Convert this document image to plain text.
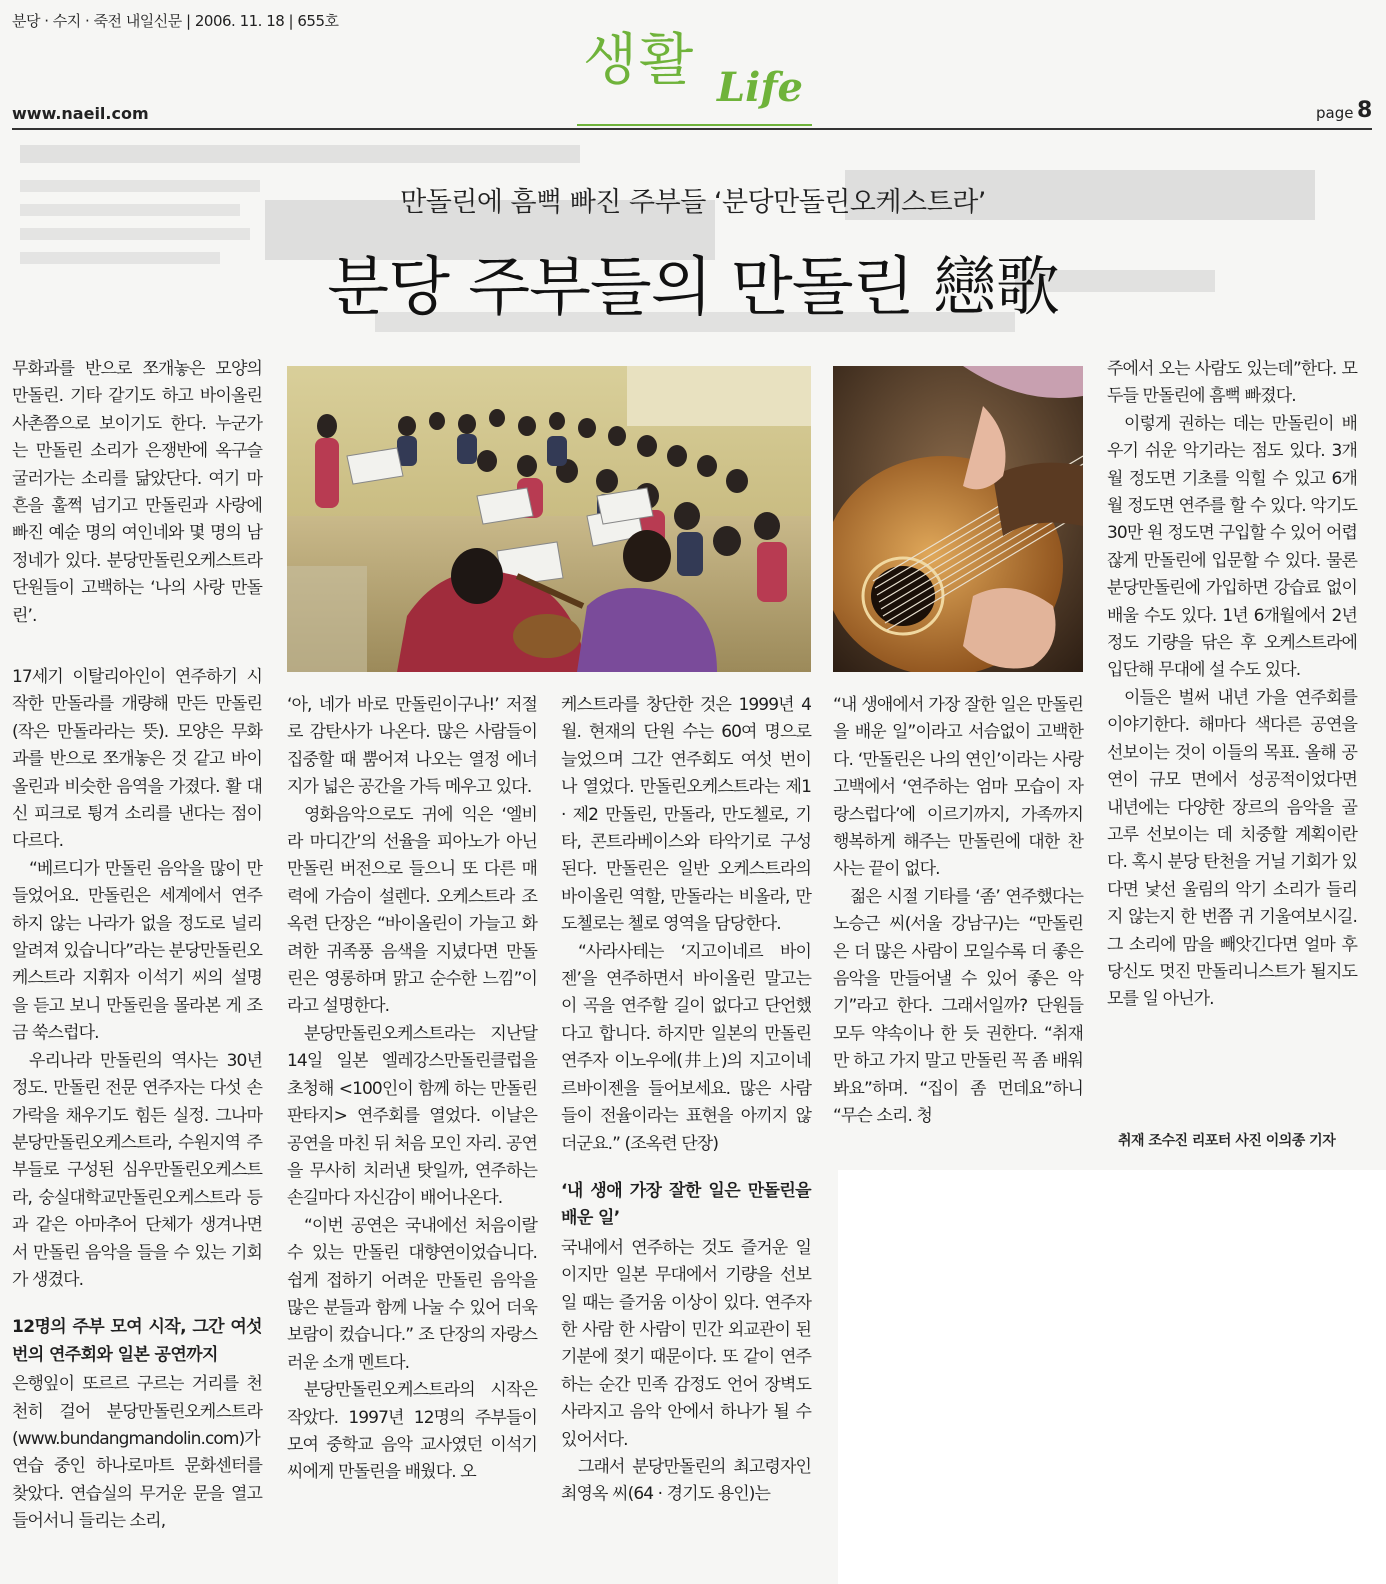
분당 · 수지 · 죽전 내일신문 | 2006. 11. 18 | 655호
www.naeil.com
생활 Life
page 8
만돌린에 흠뻑 빠진 주부들 ‘분당만돌린오케스트라’
분당 주부들의 만돌린 戀歌

무화과를 반으로 쪼개놓은 모양의 만돌린. 기타 같기도 하고 바이올린 사촌쯤으로 보이기도 한다. 누군가는 만돌린 소리가 은쟁반에 옥구슬 굴러가는 소리를 닮았단다. 여기 마흔을 훌쩍 넘기고 만돌린과 사랑에 빠진 예순 명의 여인네와 몇 명의 남정네가 있다. 분당만돌린오케스트라 단원들이 고백하는 ‘나의 사랑 만돌린’.

17세기 이탈리아인이 연주하기 시작한 만돌라를 개량해 만든 만돌린(작은 만돌라라는 뜻). 모양은 무화과를 반으로 쪼개놓은 것 같고 바이올린과 비슷한 음역을 가졌다. 활 대신 피크로 튕겨 소리를 낸다는 점이 다르다.

“베르디가 만돌린 음악을 많이 만들었어요. 만돌린은 세계에서 연주하지 않는 나라가 없을 정도로 널리 알려져 있습니다”라는 분당만돌린오케스트라 지휘자 이석기 씨의 설명을 듣고 보니 만돌린을 몰라본 게 조금 쑥스럽다.

우리나라 만돌린의 역사는 30년 정도. 만돌린 전문 연주자는 다섯 손가락을 채우기도 힘든 실정. 그나마 분당만돌린오케스트라, 수원지역 주부들로 구성된 심우만돌린오케스트라, 숭실대학교만돌린오케스트라 등과 같은 아마추어 단체가 생겨나면서 만돌린 음악을 들을 수 있는 기회가 생겼다.

12명의 주부 모여 시작, 그간 여섯 번의 연주회와 일본 공연까지

은행잎이 또르르 구르는 거리를 천천히 걸어 분당만돌린오케스트라(www.bundangmandolin.com)가 연습 중인 하나로마트 문화센터를 찾았다. 연습실의 무거운 문을 열고 들어서니 들리는 소리,

‘아, 네가 바로 만돌린이구나!’ 저절로 감탄사가 나온다. 많은 사람들이 집중할 때 뿜어져 나오는 열정 에너지가 넓은 공간을 가득 메우고 있다.

영화음악으로도 귀에 익은 ‘엘비라 마디간’의 선율을 피아노가 아닌 만돌린 버전으로 들으니 또 다른 매력에 가슴이 설렌다. 오케스트라 조옥련 단장은 “바이올린이 가늘고 화려한 귀족풍 음색을 지녔다면 만돌린은 영롱하며 맑고 순수한 느낌”이라고 설명한다.

분당만돌린오케스트라는 지난달 14일 일본 엘레강스만돌린클럽을 초청해 <100인이 함께 하는 만돌린 판타지> 연주회를 열었다. 이날은 공연을 마친 뒤 처음 모인 자리. 공연을 무사히 치러낸 탓일까, 연주하는 손길마다 자신감이 배어나온다.

“이번 공연은 국내에선 처음이랄 수 있는 만돌린 대향연이었습니다. 쉽게 접하기 어려운 만돌린 음악을 많은 분들과 함께 나눌 수 있어 더욱 보람이 컸습니다.” 조 단장의 자랑스러운 소개 멘트다.

분당만돌린오케스트라의 시작은 작았다. 1997년 12명의 주부들이 모여 중학교 음악 교사였던 이석기 씨에게 만돌린을 배웠다. 오

케스트라를 창단한 것은 1999년 4월. 현재의 단원 수는 60여 명으로 늘었으며 그간 연주회도 여섯 번이나 열었다. 만돌린오케스트라는 제1 · 제2 만돌린, 만돌라, 만도첼로, 기타, 콘트라베이스와 타악기로 구성된다. 만돌린은 일반 오케스트라의 바이올린 역할, 만돌라는 비올라, 만도첼로는 첼로 영역을 담당한다.

“사라사테는 ‘지고이네르 바이젠’을 연주하면서 바이올린 말고는 이 곡을 연주할 길이 없다고 단언했다고 합니다. 하지만 일본의 만돌린 연주자 이노우에(井上)의 지고이네르바이젠을 들어보세요. 많은 사람들이 전율이라는 표현을 아끼지 않더군요.” (조옥련 단장)

‘내 생애 가장 잘한 일은 만돌린을 배운 일’

국내에서 연주하는 것도 즐거운 일이지만 일본 무대에서 기량을 선보일 때는 즐거움 이상이 있다. 연주자 한 사람 한 사람이 민간 외교관이 된 기분에 젖기 때문이다. 또 같이 연주하는 순간 민족 감정도 언어 장벽도 사라지고 음악 안에서 하나가 될 수 있어서다.

그래서 분당만돌린의 최고령자인 최영옥 씨(64 · 경기도 용인)는

“내 생애에서 가장 잘한 일은 만돌린을 배운 일”이라고 서슴없이 고백한다. ‘만돌린은 나의 연인’이라는 사랑 고백에서 ‘연주하는 엄마 모습이 자랑스럽다’에 이르기까지, 가족까지 행복하게 해주는 만돌린에 대한 찬사는 끝이 없다.

젊은 시절 기타를 ‘좀’ 연주했다는 노승근 씨(서울 강남구)는 “만돌린은 더 많은 사람이 모일수록 더 좋은 음악을 만들어낼 수 있어 좋은 악기”라고 한다. 그래서일까? 단원들 모두 약속이나 한 듯 권한다. “취재만 하고 가지 말고 만돌린 꼭 좀 배워봐요”하며. “집이 좀 먼데요”하니 “무슨 소리. 청

주에서 오는 사람도 있는데”한다. 모두들 만돌린에 흠뻑 빠졌다.

이렇게 권하는 데는 만돌린이 배우기 쉬운 악기라는 점도 있다. 3개월 정도면 기초를 익힐 수 있고 6개월 정도면 연주를 할 수 있다. 악기도 30만 원 정도면 구입할 수 있어 어렵잖게 만돌린에 입문할 수 있다. 물론 분당만돌린에 가입하면 강습료 없이 배울 수도 있다. 1년 6개월에서 2년 정도 기량을 닦은 후 오케스트라에 입단해 무대에 설 수도 있다.

이들은 벌써 내년 가을 연주회를 이야기한다. 해마다 색다른 공연을 선보이는 것이 이들의 목표. 올해 공연이 규모 면에서 성공적이었다면 내년에는 다양한 장르의 음악을 골고루 선보이는 데 치중할 계획이란다. 혹시 분당 탄천을 거닐 기회가 있다면 낯선 울림의 악기 소리가 들리지 않는지 한 번쯤 귀 기울여보시길. 그 소리에 맘을 빼앗긴다면 얼마 후 당신도 멋진 만돌리니스트가 될지도 모를 일 아닌가.

취재 조수진 리포터 사진 이의종 기자
